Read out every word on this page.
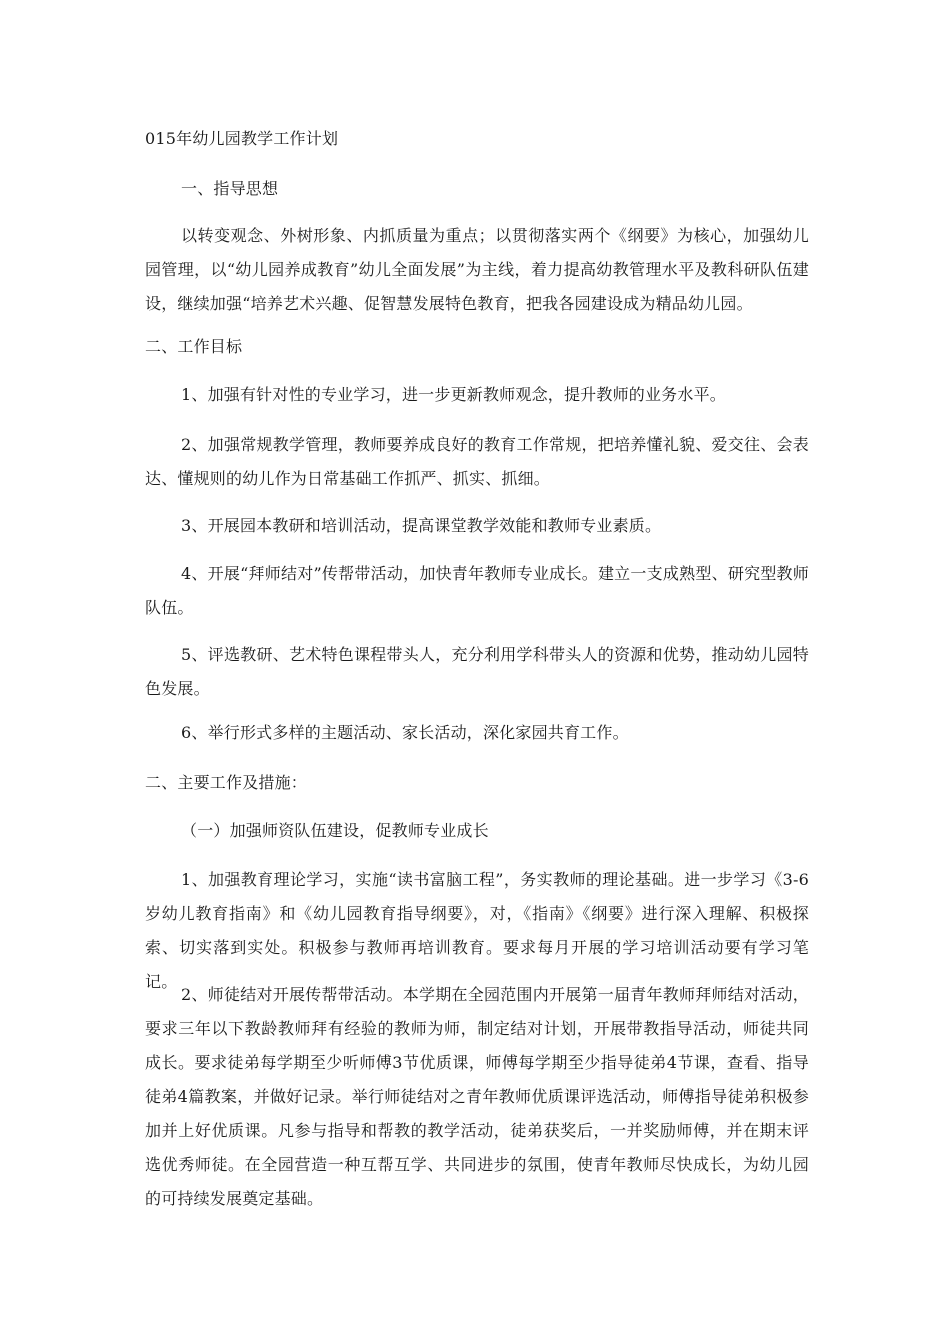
015年幼儿园教学工作计划

一、指导思想

以转变观念、外树形象、内抓质量为重点；以贯彻落实两个《纲要》为核心，加强幼儿园管理，以“幼儿园养成教育”幼儿全面发展”为主线，着力提高幼教管理水平及教科研队伍建设，继续加强“培养艺术兴趣、促智慧发展特色教育，把我各园建设成为精品幼儿园。

二、工作目标

1、加强有针对性的专业学习，进一步更新教师观念，提升教师的业务水平。

2、加强常规教学管理，教师要养成良好的教育工作常规，把培养懂礼貌、爱交往、会表达、懂规则的幼儿作为日常基础工作抓严、抓实、抓细。

3、开展园本教研和培训活动，提高课堂教学效能和教师专业素质。

4、开展“拜师结对”传帮带活动，加快青年教师专业成长。建立一支成熟型、研究型教师队伍。

5、评选教研、艺术特色课程带头人，充分利用学科带头人的资源和优势，推动幼儿园特色发展。

6、举行形式多样的主题活动、家长活动，深化家园共育工作。

二、主要工作及措施：

（一）加强师资队伍建设，促教师专业成长

1、加强教育理论学习，实施“读书富脑工程”，务实教师的理论基础。进一步学习《3-6岁幼儿教育指南》和《幼儿园教育指导纲要》，对，《指南》《纲要》进行深入理解、积极探索、切实落到实处。积极参与教师再培训教育。要求每月开展的学习培训活动要有学习笔记。

2、师徒结对开展传帮带活动。本学期在全园范围内开展第一届青年教师拜师结对活动，要求三年以下教龄教师拜有经验的教师为师，制定结对计划，开展带教指导活动，师徒共同成长。要求徒弟每学期至少听师傅3节优质课，师傅每学期至少指导徒弟4节课，查看、指导徒弟4篇教案，并做好记录。举行师徒结对之青年教师优质课评选活动，师傅指导徒弟积极参加并上好优质课。凡参与指导和帮教的教学活动，徒弟获奖后，一并奖励师傅，并在期末评选优秀师徒。在全园营造一种互帮互学、共同进步的氛围，使青年教师尽快成长，为幼儿园的可持续发展奠定基础。
